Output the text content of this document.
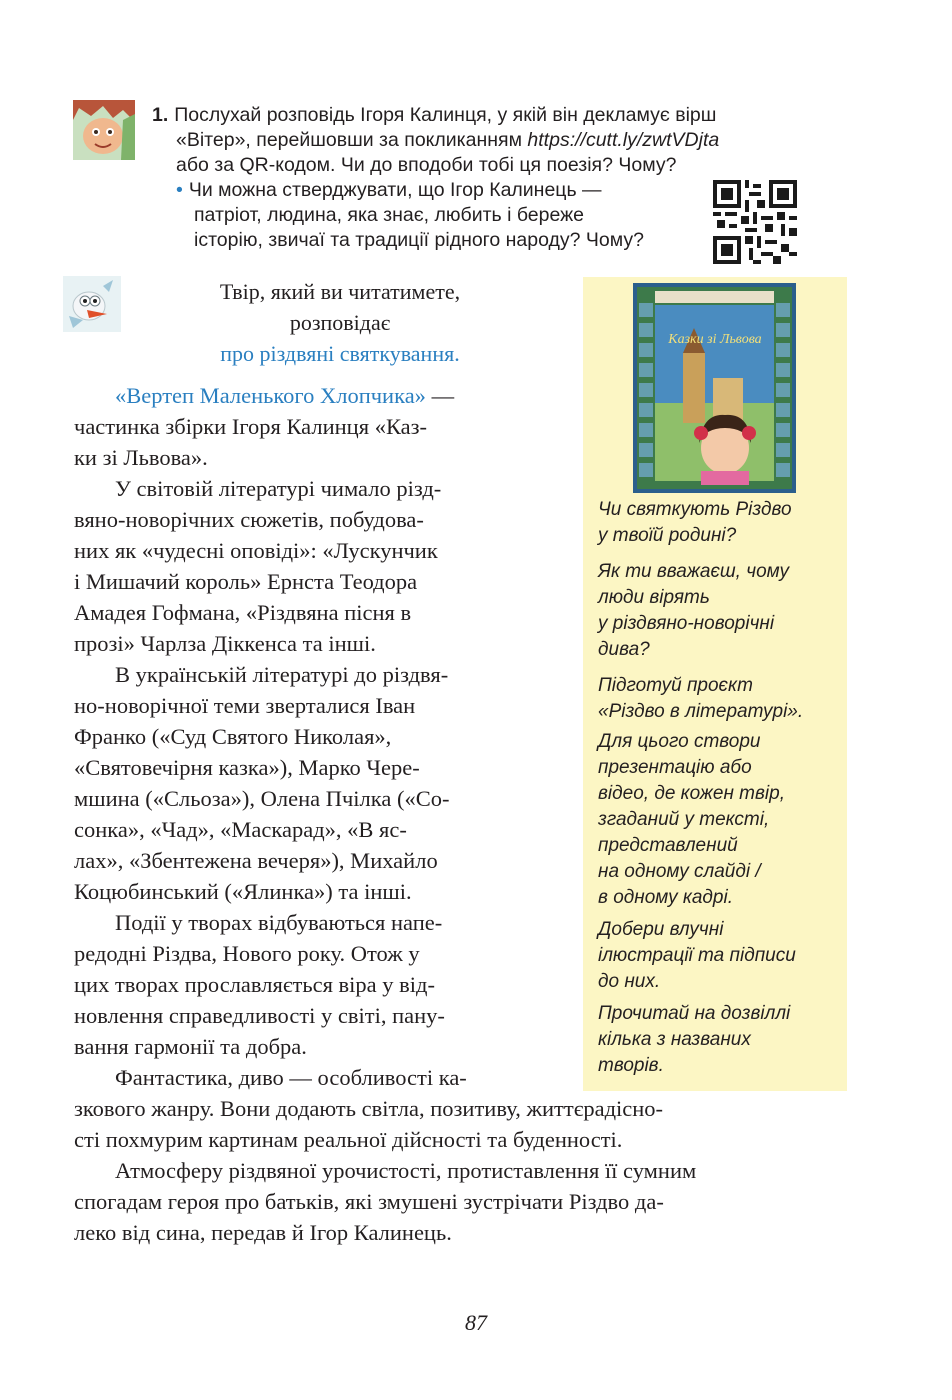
1. Послухай розповідь Ігоря Калинця, у якій він декламує вірш
«Вітер», перейшовши за покликанням https://cutt.ly/zwtVDjta
або за QR-кодом. Чи до вподоби тобі ця поезія? Чому?
• Чи можна стверджувати, що Ігор Калинець —
патріот, людина, яка знає, любить і береже
історію, звичаї та традиції рідного народу? Чому?
Твір, який ви читатимете,
розповідає
про різдвяні святкування.
Казки зі Львова

Чи святкують Різдво
у твоїй родині?

Як ти вважаєш, чому
люди вірять
у різдвяно-новорічні
дива?

Підготуй проєкт
«Різдво в літературі».

Для цього створи
презентацію або
відео, де кожен твір,
згаданий у тексті,
представлений
на одному слайді /
в одному кадрі.

Добери влучні
ілюстрації та підписи
до них.

Прочитай на дозвіллі
кілька з названих
творів.

«Вертеп Маленького Хлопчика» —
частинка збірки Ігоря Калинця «Каз-
ки зі Львова».
У світовій літературі чимало різд-
вяно-новорічних сюжетів, побудова-
них як «чудесні оповіді»: «Лускунчик
і Мишачий король» Ернста Теодора
Амадея Гофмана, «Різдвяна пісня в
прозі» Чарлза Діккенса та інші.
В українській літературі до різдвя-
но-новорічної теми зверталися Іван
Франко («Суд Святого Николая»,
«Святовечірня казка»), Марко Чере-
мшина («Сльоза»), Олена Пчілка («Со-
сонка», «Чад», «Маскарад», «В яс-
лах», «Збентежена вечеря»), Михайло
Коцюбинський («Ялинка») та інші.
Події у творах відбуваються напе-
редодні Різдва, Нового року. Отож у
цих творах прославляється віра у від-
новлення справедливості у світі, пану-
вання гармонії та добра.
Фантастика, диво — особливості ка-
зкового жанру. Вони додають світла, позитиву, життєрадісно-
сті похмурим картинам реальної дійсності та буденності.
Атмосферу різдвяної урочистості, протиставлення її сумним
спогадам героя про батьків, які змушені зустрічати Різдво да-
леко від сина, передав й Ігор Калинець.
87
